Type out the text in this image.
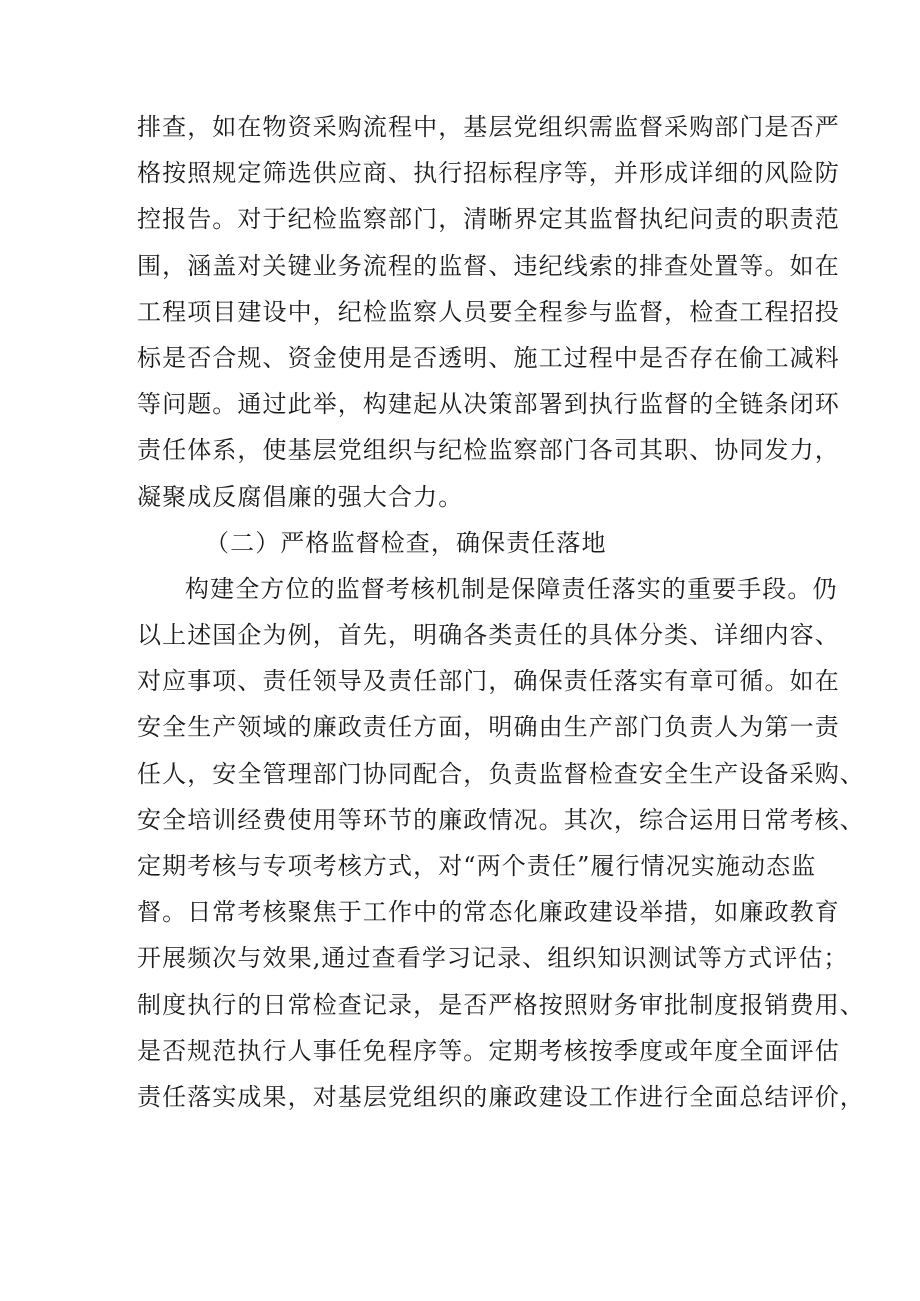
排查，如在物资采购流程中，基层党组织需监督采购部门是否严
格按照规定筛选供应商、执行招标程序等，并形成详细的风险防
控报告。对于纪检监察部门，清晰界定其监督执纪问责的职责范
围，涵盖对关键业务流程的监督、违纪线索的排查处置等。如在
工程项目建设中，纪检监察人员要全程参与监督，检查工程招投
标是否合规、资金使用是否透明、施工过程中是否存在偷工减料
等问题。通过此举，构建起从决策部署到执行监督的全链条闭环
责任体系，使基层党组织与纪检监察部门各司其职、协同发力，
凝聚成反腐倡廉的强大合力。
（二）严格监督检查，确保责任落地
构建全方位的监督考核机制是保障责任落实的重要手段。仍
以上述国企为例，首先，明确各类责任的具体分类、详细内容、
对应事项、责任领导及责任部门，确保责任落实有章可循。如在
安全生产领域的廉政责任方面，明确由生产部门负责人为第一责
任人，安全管理部门协同配合，负责监督检查安全生产设备采购、
安全培训经费使用等环节的廉政情况。其次，综合运用日常考核、
定期考核与专项考核方式，对“两个责任”履行情况实施动态监
督。日常考核聚焦于工作中的常态化廉政建设举措，如廉政教育
开展频次与效果,通过查看学习记录、组织知识测试等方式评估；
制度执行的日常检查记录，是否严格按照财务审批制度报销费用、
是否规范执行人事任免程序等。定期考核按季度或年度全面评估
责任落实成果，对基层党组织的廉政建设工作进行全面总结评价，
